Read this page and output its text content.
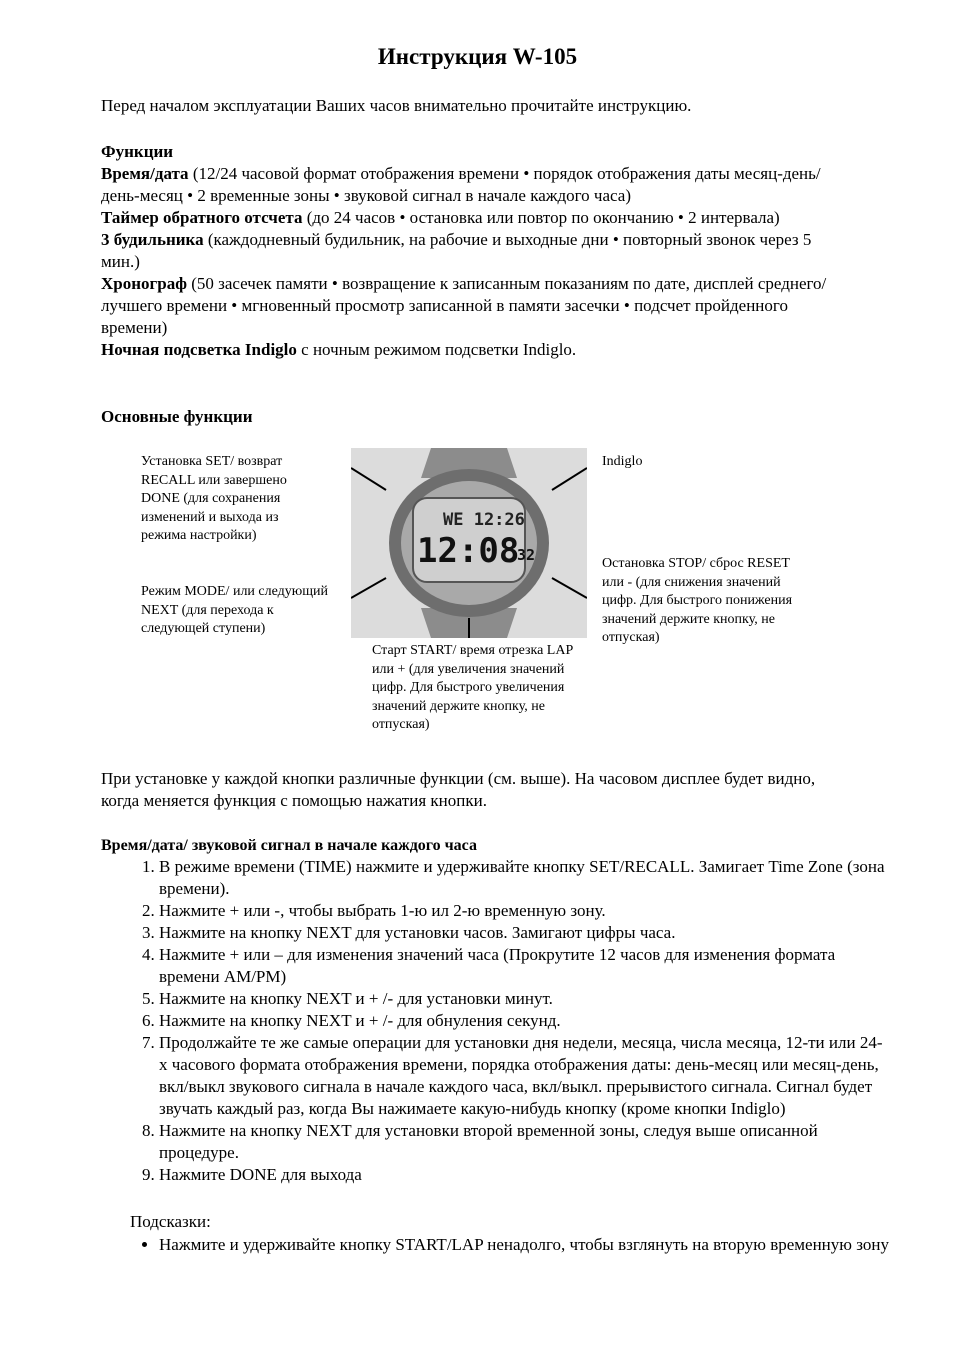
Инструкция W-105
Перед началом эксплуатации Ваших часов внимательно прочитайте инструкцию.
Функции
Время/дата (12/24 часовой формат отображения времени • порядок отображения даты месяц-день/день-месяц • 2 временные зоны • звуковой сигнал в начале каждого часа)
Таймер обратного отсчета (до 24 часов • остановка или повтор по окончанию • 2 интервала)
3 будильника (каждодневный будильник, на рабочие и выходные дни • повторный звонок через 5 мин.)
Хронограф (50 засечек памяти • возвращение к записанным показаниям по дате, дисплей среднего/лучшего времени • мгновенный просмотр записанной в памяти засечки • подсчет пройденного времени)
Ночная подсветка Indiglo с ночным режимом подсветки Indiglo.
Основные функции
Установка SET/ возврат RECALL или завершено DONE (для сохранения изменений и выхода из режима настройки)
Режим MODE/ или следующий NEXT (для перехода к следующей ступени)
Старт START/ время отрезка LAP или + (для увеличения значений цифр. Для быстрого увеличения значений держите кнопку, не отпуская)
Indiglo
Остановка STOP/ сброс RESET или - (для снижения значений цифр. Для быстрого понижения значений держите кнопку, не отпуская)
WE 12:26
12:08
32
При установке у каждой кнопки различные функции (см. выше). На часовом дисплее будет видно, когда меняется функция с помощью нажатия кнопки.
Время/дата/ звуковой сигнал в начале каждого часа
1. В режиме времени (TIME) нажмите и удерживайте кнопку SET/RECALL. Замигает Time Zone (зона времени).
2. Нажмите + или -, чтобы выбрать 1-ю ил 2-ю временную зону.
3. Нажмите на кнопку NEXT для установки часов. Замигают цифры часа.
4. Нажмите + или – для изменения значений часа (Прокрутите 12 часов для изменения формата времени AM/PM)
5. Нажмите на кнопку NEXT и + /- для установки минут.
6. Нажмите на кнопку NEXT и + /- для обнуления секунд.
7. Продолжайте те же самые операции для установки дня недели, месяца, числа месяца, 12-ти или 24-х часового формата отображения времени, порядка отображения даты: день-месяц или месяц-день, вкл/выкл звукового сигнала в начале каждого часа, вкл/выкл. прерывистого сигнала. Сигнал будет звучать каждый раз, когда Вы нажимаете какую-нибудь кнопку (кроме кнопки Indiglo)
8. Нажмите на кнопку NEXT для установки второй временной зоны, следуя выше описанной процедуре.
9. Нажмите DONE для выхода
Подсказки:
• Нажмите и удерживайте кнопку START/LAP ненадолго, чтобы взглянуть на вторую временную зону
